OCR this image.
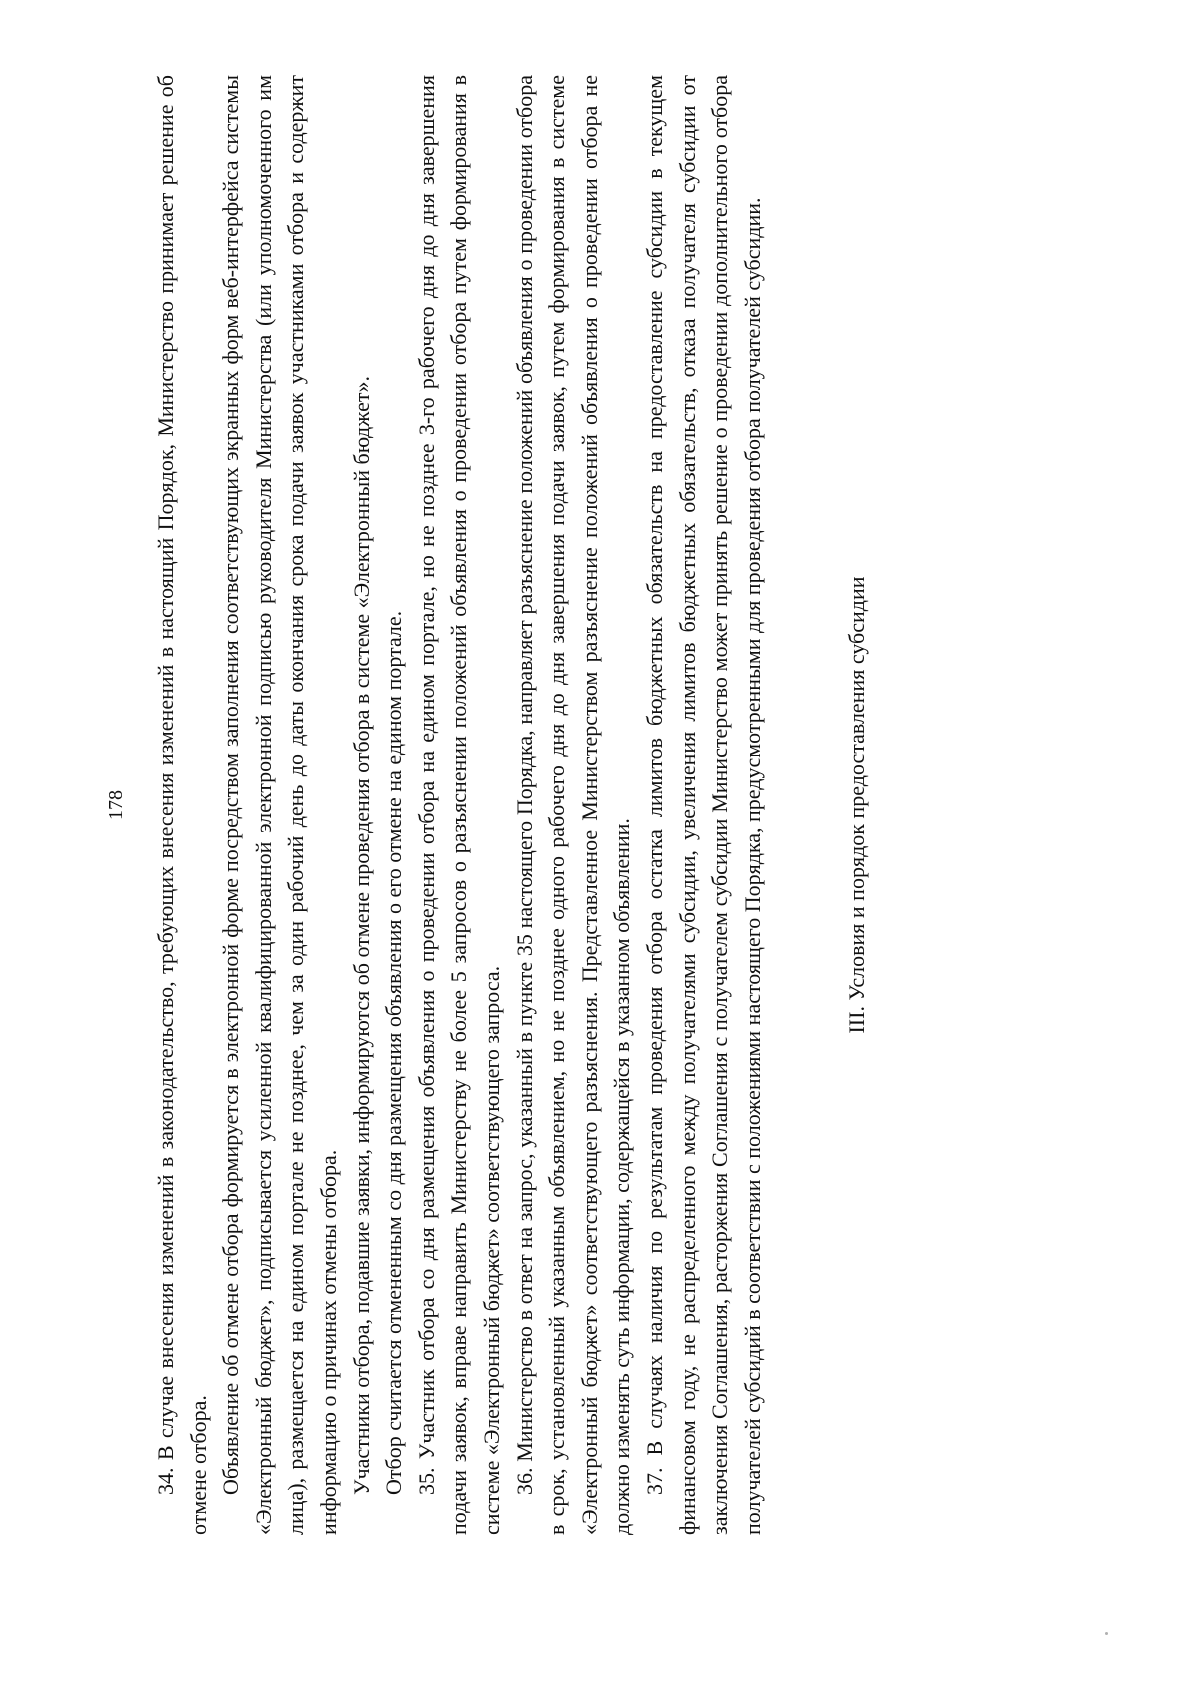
178 34. В случае внесения изменений в законодательство, требующих внесения изменений в настоящий Порядок, Министерство принимает решение об отмене отбора. Объявление об отмене отбора формируется в электронной форме посредством заполнения соответствующих экранных форм веб-интерфейса системы «Электронный бюджет», подписывается усиленной квалифицированной электронной подписью руководителя Министерства (или уполномоченного им лица), размещается на едином портале не позднее, чем за один рабочий день до даты окончания срока подачи заявок участниками отбора и содержит информацию о причинах отмены отбора. Участники отбора, подавшие заявки, информируются об отмене проведения отбора в системе «Электронный бюджет». Отбор считается отмененным со дня размещения объявления о его отмене на едином портале. 35. Участник отбора со дня размещения объявления о проведении отбора на едином портале, но не позднее 3-го рабочего дня до дня завершения подачи заявок, вправе направить Министерству не более 5 запросов о разъяснении положений объявления о проведении отбора путем формирования в системе «Электронный бюджет» соответствующего запроса. 36. Министерство в ответ на запрос, указанный в пункте 35 настоящего Порядка, направляет разъяснение положений объявления о проведении отбора в срок, установленный указанным объявлением, но не позднее одного рабочего дня до дня завершения подачи заявок, путем формирования в системе «Электронный бюджет» соответствующего разъяснения. Представленное Министерством разъяснение положений объявления о проведении отбора не должно изменять суть информации, содержащейся в указанном объявлении. 37. В случаях наличия по результатам проведения отбора остатка лимитов бюджетных обязательств на предоставление субсидии в текущем финансовом году, не распределенного между получателями субсидии, увеличения лимитов бюджетных обязательств, отказа получателя субсидии от заключения Соглашения, расторжения Соглашения с получателем субсидии Министерство может принять решение о проведении дополнительного отбора получателей субсидий в соответствии с положениями настоящего Порядка, предусмотренными для проведения отбора получателей субсидии.	III. Условия и порядок предоставления субсидии
